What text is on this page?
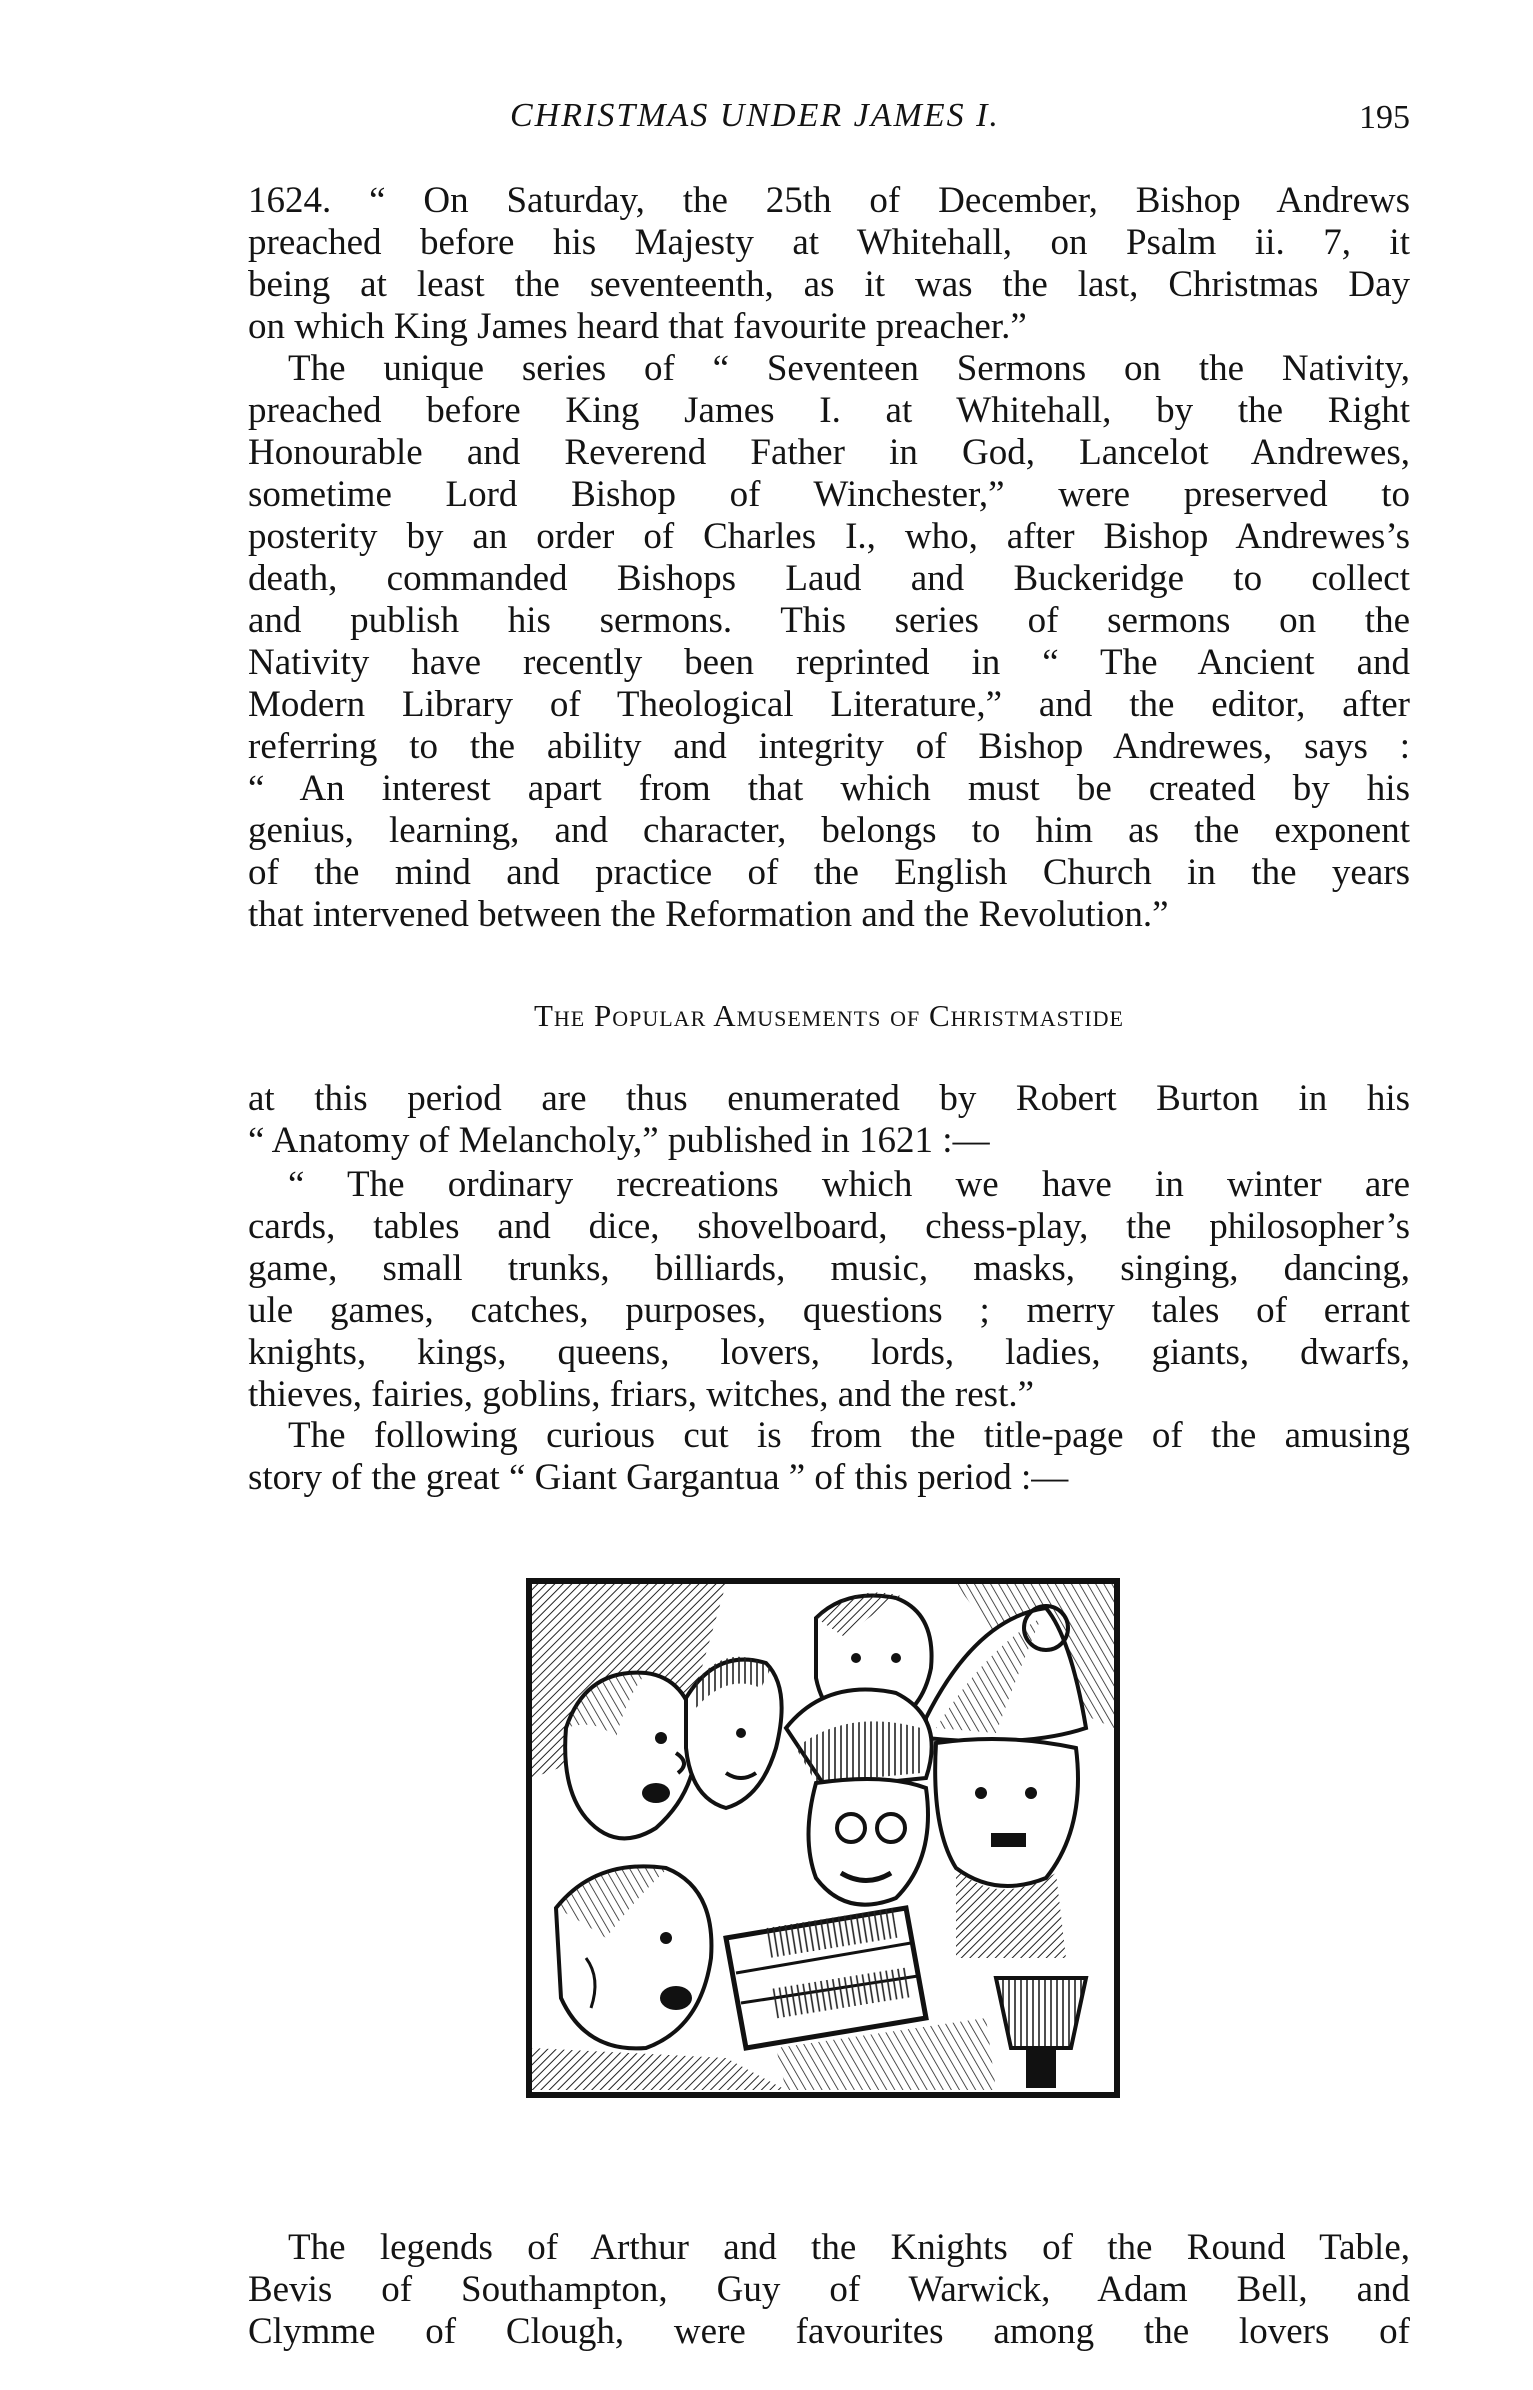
CHRISTMAS UNDER JAMES I.	195
1624. “ On Saturday, the 25th of December, Bishop Andrews
preached before his Majesty at Whitehall, on Psalm ii. 7, it
being at least the seventeenth, as it was the last, Christmas Day
on which King James heard that favourite preacher.”
The unique series of “ Seventeen Sermons on the Nativity,
preached before King James I. at Whitehall, by the Right
Honourable and Reverend Father in God, Lancelot Andrewes,
sometime Lord Bishop of Winchester,” were preserved to
posterity by an order of Charles I., who, after Bishop Andrewes’s
death, commanded Bishops Laud and Buckeridge to collect
and publish his sermons. This series of sermons on the
Nativity have recently been reprinted in “ The Ancient and
Modern Library of Theological Literature,” and the editor, after
referring to the ability and integrity of Bishop Andrewes, says :
“ An interest apart from that which must be created by his
genius, learning, and character, belongs to him as the exponent
of the mind and practice of the English Church in the years
that intervened between the Reformation and the Revolution.”
The Popular Amusements of Christmastide
at this period are thus enumerated by Robert Burton in his
“ Anatomy of Melancholy,” published in 1621 :—
“ The ordinary recreations which we have in winter are
cards, tables and dice, shovelboard, chess-play, the philosopher’s
game, small trunks, billiards, music, masks, singing, dancing,
ule games, catches, purposes, questions ; merry tales of errant
knights, kings, queens, lovers, lords, ladies, giants, dwarfs,
thieves, fairies, goblins, friars, witches, and the rest.”
The following curious cut is from the title-page of the amusing
story of the great “ Giant Gargantua ” of this period :—
The legends of Arthur and the Knights of the Round Table,
Bevis of Southampton, Guy of Warwick, Adam Bell, and
Clymme of Clough, were favourites among the lovers of
